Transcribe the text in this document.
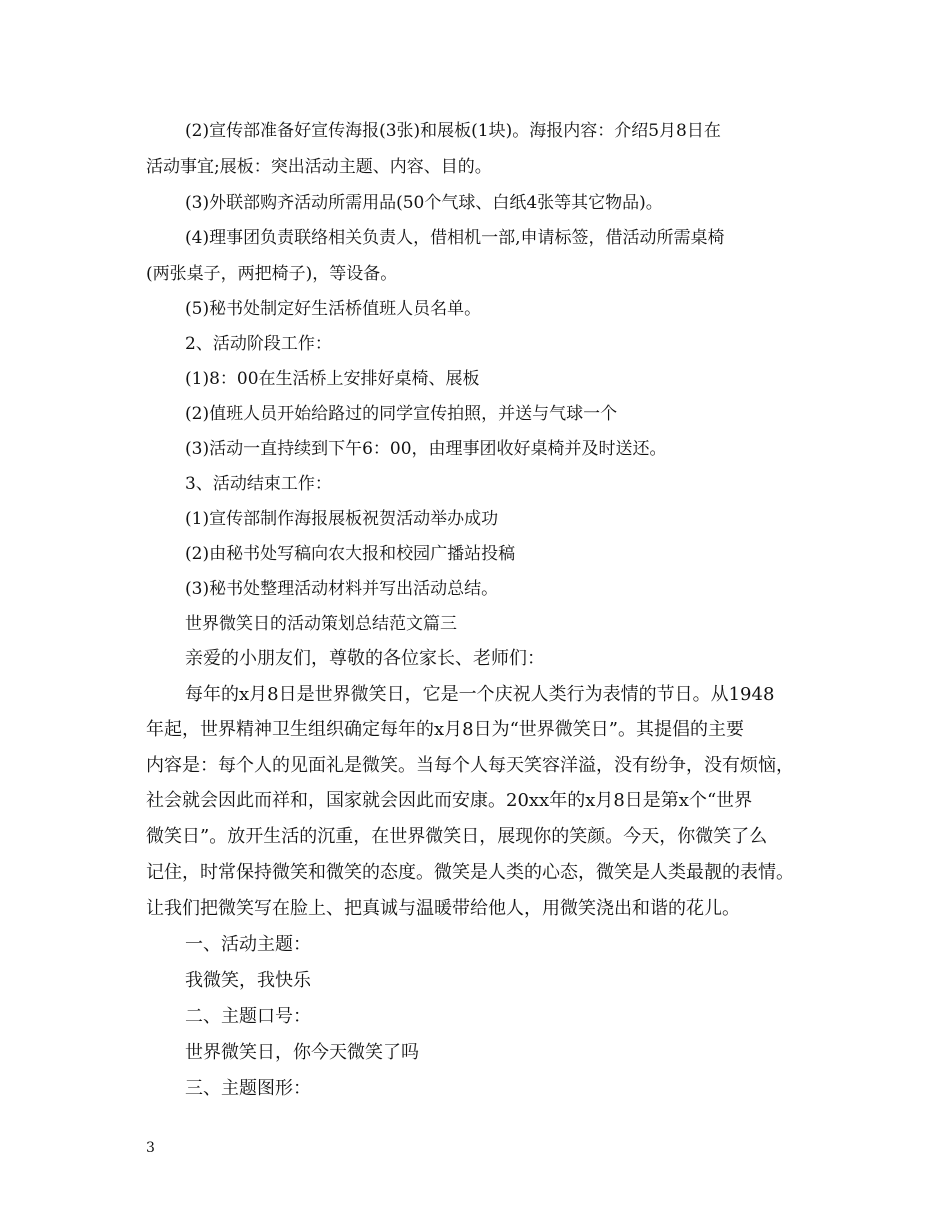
(2)宣传部准备好宣传海报(3张)和展板(1块)。海报内容：介绍5月8日在
活动事宜;展板：突出活动主题、内容、目的。
(3)外联部购齐活动所需用品(50个气球、白纸4张等其它物品)。
(4)理事团负责联络相关负责人，借相机一部,申请标签，借活动所需桌椅
(两张桌子，两把椅子)，等设备。
(5)秘书处制定好生活桥值班人员名单。
2、活动阶段工作：
(1)8：00在生活桥上安排好桌椅、展板
(2)值班人员开始给路过的同学宣传拍照，并送与气球一个
(3)活动一直持续到下午6：00，由理事团收好桌椅并及时送还。
3、活动结束工作：
(1)宣传部制作海报展板祝贺活动举办成功
(2)由秘书处写稿向农大报和校园广播站投稿
(3)秘书处整理活动材料并写出活动总结。
世界微笑日的活动策划总结范文篇三
亲爱的小朋友们，尊敬的各位家长、老师们：
每年的x月8日是世界微笑日，它是一个庆祝人类行为表情的节日。从1948
年起，世界精神卫生组织确定每年的x月8日为“世界微笑日”。其提倡的主要
内容是：每个人的见面礼是微笑。当每个人每天笑容洋溢，没有纷争，没有烦恼，
社会就会因此而祥和，国家就会因此而安康。20xx年的x月8日是第x个“世界
微笑日”。放开生活的沉重，在世界微笑日，展现你的笑颜。今天，你微笑了么
记住，时常保持微笑和微笑的态度。微笑是人类的心态，微笑是人类最靓的表情。
让我们把微笑写在脸上、把真诚与温暖带给他人，用微笑浇出和谐的花儿。
一、活动主题：
我微笑，我快乐
二、主题口号：
世界微笑日，你今天微笑了吗
三、主题图形：
3
